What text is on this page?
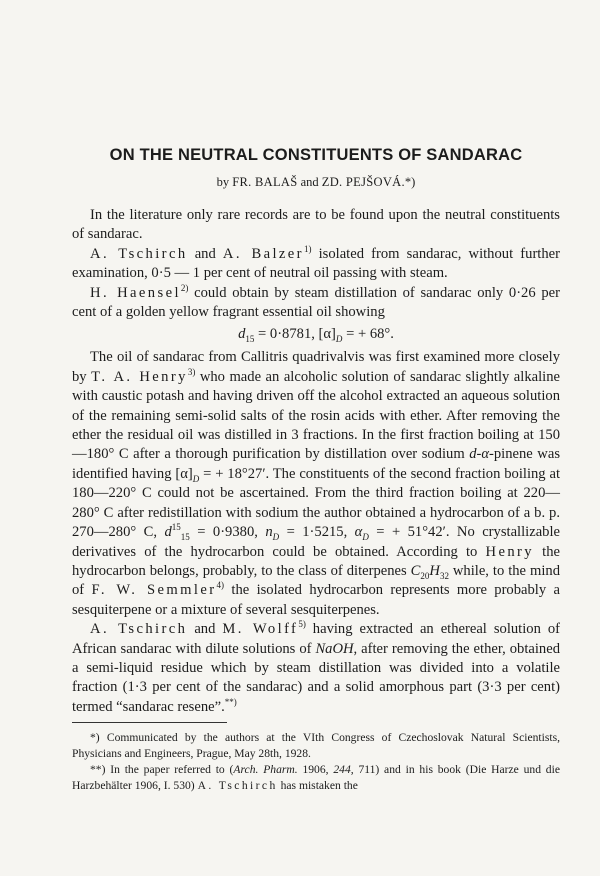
ON THE NEUTRAL CONSTITUENTS OF SANDARAC
by FR. BALAŠ and ZD. PEJŠOVÁ.*)

In the literature only rare records are to be found upon the neutral constituents of sandarac.

A. Tschirch and A. Balzer$^{1)}$ isolated from sandarac, without further examination, 0·5 — 1 per cent of neutral oil passing with steam.

H. Haensel$^{2)}$ could obtain by steam distillation of sandarac only 0·26 per cent of a golden yellow fragrant essential oil showing

$d_{15} = 0\cdot 8781$, $[\alpha]_D$ = + 68°.

The oil of sandarac from Callitris quadrivalvis was first examined more closely by T. A. Henry$^{3)}$ who made an alcoholic solution of sandarac slightly alkaline with caustic potash and having driven off the alcohol extracted an aqueous solution of the remaining semi-solid salts of the rosin acids with ether. After removing the ether the residual oil was distilled in 3 fractions. In the first fraction boiling at 150—180° C after a thorough purification by distillation over sodium d-α-pinene was identified having $[\alpha]_D$ = + 18°27′. The constituents of the second fraction boiling at 180—220° C could not be ascertained. From the third fraction boiling at 220—280° C after redistillation with sodium the author obtained a hydrocarbon of a b. p. 270—280° C, $d^{15}_{15} = 0\cdot 9380$, $n_D = 1\cdot 5215$, $\alpha_D$ = + 51°42′. No crystallizable derivatives of the hydrocarbon could be obtained. According to Henry the hydrocarbon belongs, probably, to the class of diterpenes $C_{20}H_{32}$ while, to the mind of F. W. Semmler$^{4)}$ the isolated hydrocarbon represents more probably a sesquiterpene or a mixture of several sesquiterpenes.

A. Tschirch and M. Wolff$^{5)}$ having extracted an ethereal solution of African sandarac with dilute solutions of NaOH, after removing the ether, obtained a semi-liquid residue which by steam distillation was divided into a volatile fraction (1·3 per cent of the sandarac) and a solid amorphous part (3·3 per cent) termed “sandarac resene”.**)

*) Communicated by the authors at the VIth Congress of Czechoslovak Natural Scientists, Physicians and Engineers, Prague, May 28th, 1928.

**) In the paper referred to (Arch. Pharm. 1906, 244, 711) and in his book (Die Harze und die Harzbehälter 1906, I. 530) A. Tschirch has mistaken the
